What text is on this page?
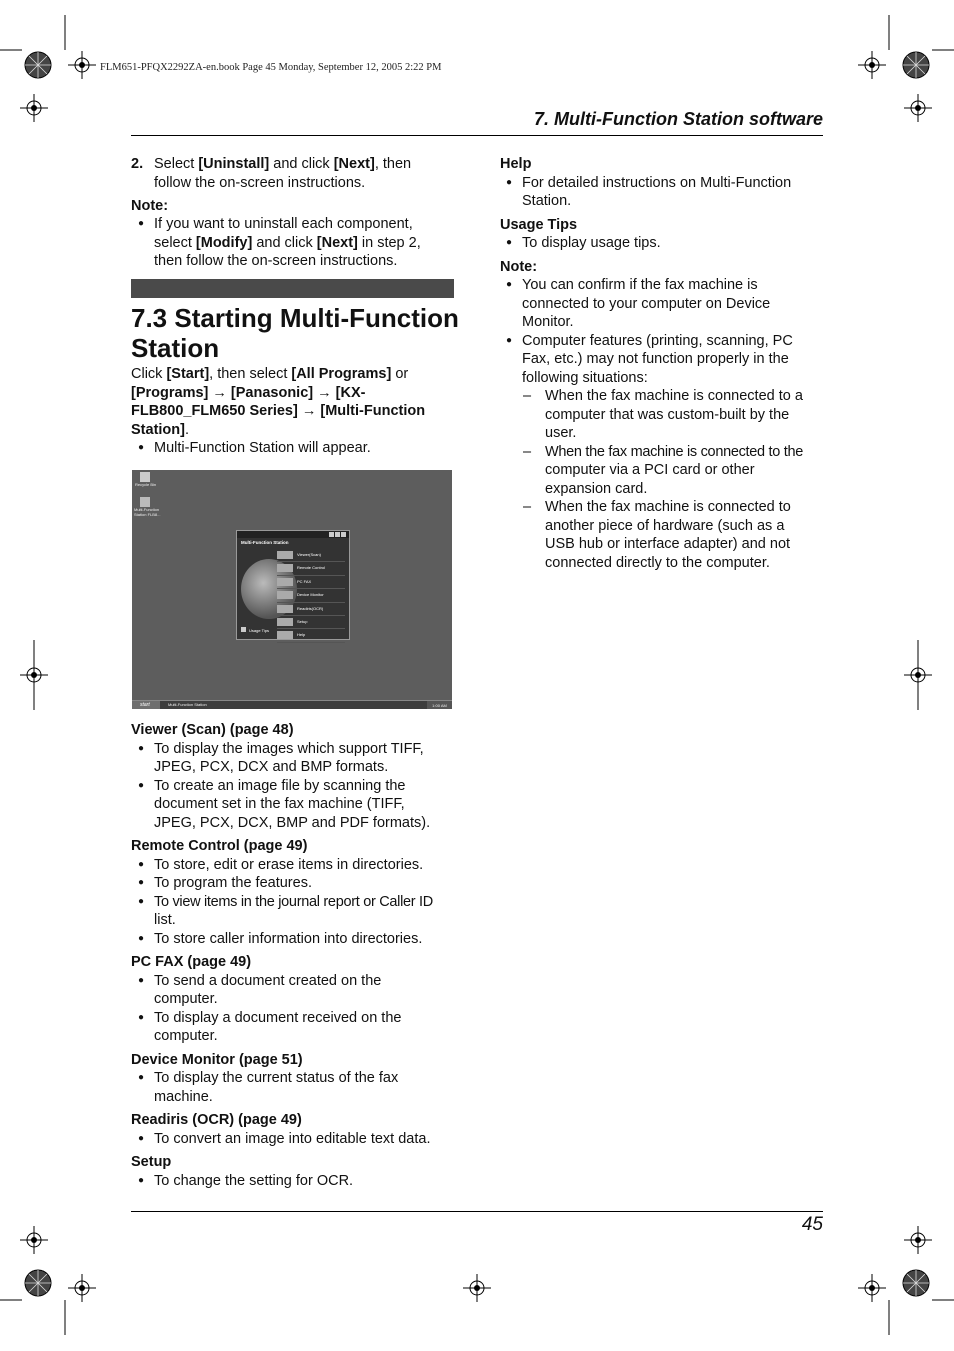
FLM651-PFQX2292ZA-en.book Page 45 Monday, September 12, 2005 2:22 PM
7. Multi-Function Station software
2. Select [Uninstall] and click [Next], then
follow the on-screen instructions.
Note:
● If you want to uninstall each component,
select [Modify] and click [Next] in step 2,
then follow the on-screen instructions.
7.3 Starting Multi-Function
Station
Click [Start], then select [All Programs] or
[Programs] → [Panasonic] → [KX-
FLB800_FLM650 Series] → [Multi-Function
Station].
● Multi-Function Station will appear.
Recycle Bin
Multi-Function
Station FLB8...
Multi-Function Station
Usage Tips
Viewer(Scan)
Remote Control
PC FAX
Device Monitor
Readiris(OCR)
Setup
Help
start	Multi-Function Station	1:00 AM
Viewer (Scan) (page 48)
● To display the images which support TIFF,
JPEG, PCX, DCX and BMP formats.
● To create an image file by scanning the
document set in the fax machine (TIFF,
JPEG, PCX, DCX, BMP and PDF formats).
Remote Control (page 49)
● To store, edit or erase items in directories.
● To program the features.
● To view items in the journal report or Caller ID
list.
● To store caller information into directories.
PC FAX (page 49)
● To send a document created on the
computer.
● To display a document received on the
computer.
Device Monitor (page 51)
● To display the current status of the fax
machine.
Readiris (OCR) (page 49)
● To convert an image into editable text data.
Setup
● To change the setting for OCR.
Help
● For detailed instructions on Multi-Function
Station.
Usage Tips
● To display usage tips.
Note:
● You can confirm if the fax machine is
connected to your computer on Device
Monitor.
● Computer features (printing, scanning, PC
Fax, etc.) may not function properly in the
following situations:
– When the fax machine is connected to a
computer that was custom-built by the
user.
– When the fax machine is connected to the
computer via a PCI card or other
expansion card.
– When the fax machine is connected to
another piece of hardware (such as a
USB hub or interface adapter) and not
connected directly to the computer.
45
